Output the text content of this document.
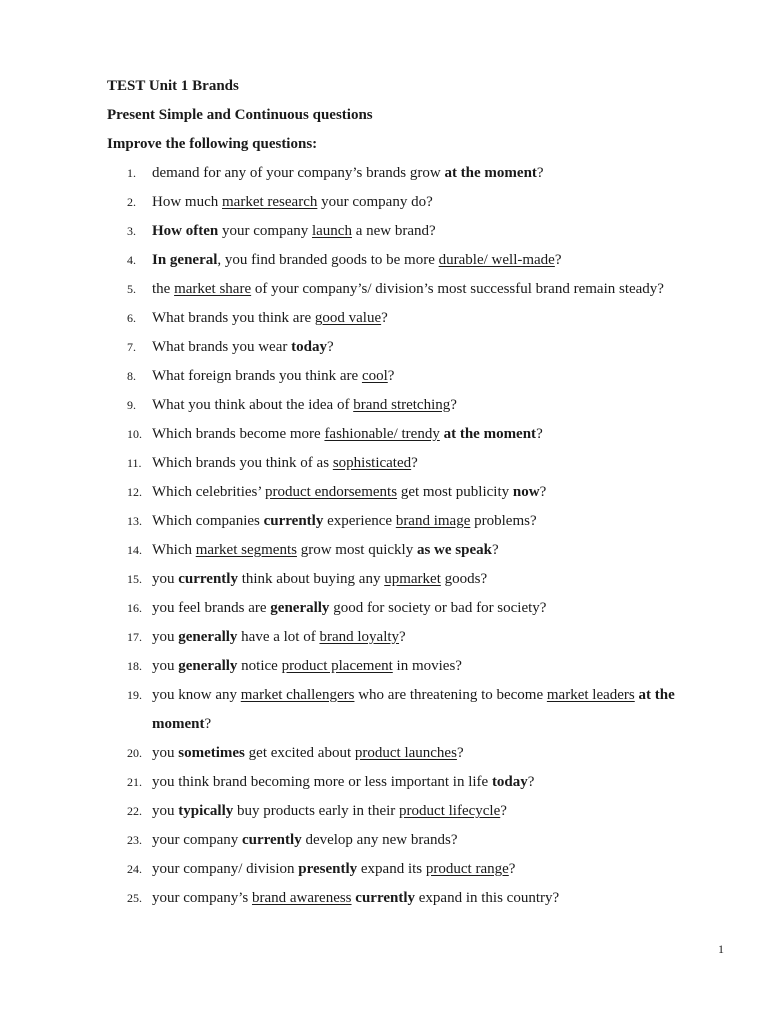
TEST Unit 1 Brands

Present Simple and Continuous questions

Improve the following questions:

1.	demand for any of your company’s brands grow at the moment?
2.	How much market research your company do?
3.	How often your company launch a new brand?
4.	In general, you find branded goods to be more durable/ well-made?
5.	the market share of your company’s/ division’s most successful brand remain steady?
6.	What brands you think are good value?
7.	What brands you wear today?
8.	What foreign brands you think are cool?
9.	What you think about the idea of brand stretching?
10. Which brands become more fashionable/ trendy at the moment?
11. Which brands you think of as sophisticated?
12. Which celebrities’ product endorsements get most publicity now?
13. Which companies currently experience brand image problems?
14. Which market segments grow most quickly as we speak?
15. you currently think about buying any upmarket goods?
16. you feel brands are generally good for society or bad for society?
17. you generally have a lot of brand loyalty?
18. you generally notice product placement in movies?
19. you know any market challengers who are threatening to become market leaders at the moment?
20. you sometimes get excited about product launches?
21. you think brand becoming more or less important in life today?
22. you typically buy products early in their product lifecycle?
23. your company currently develop any new brands?
24. your company/ division presently expand its product range?
25. your company’s brand awareness currently expand in this country?
1
